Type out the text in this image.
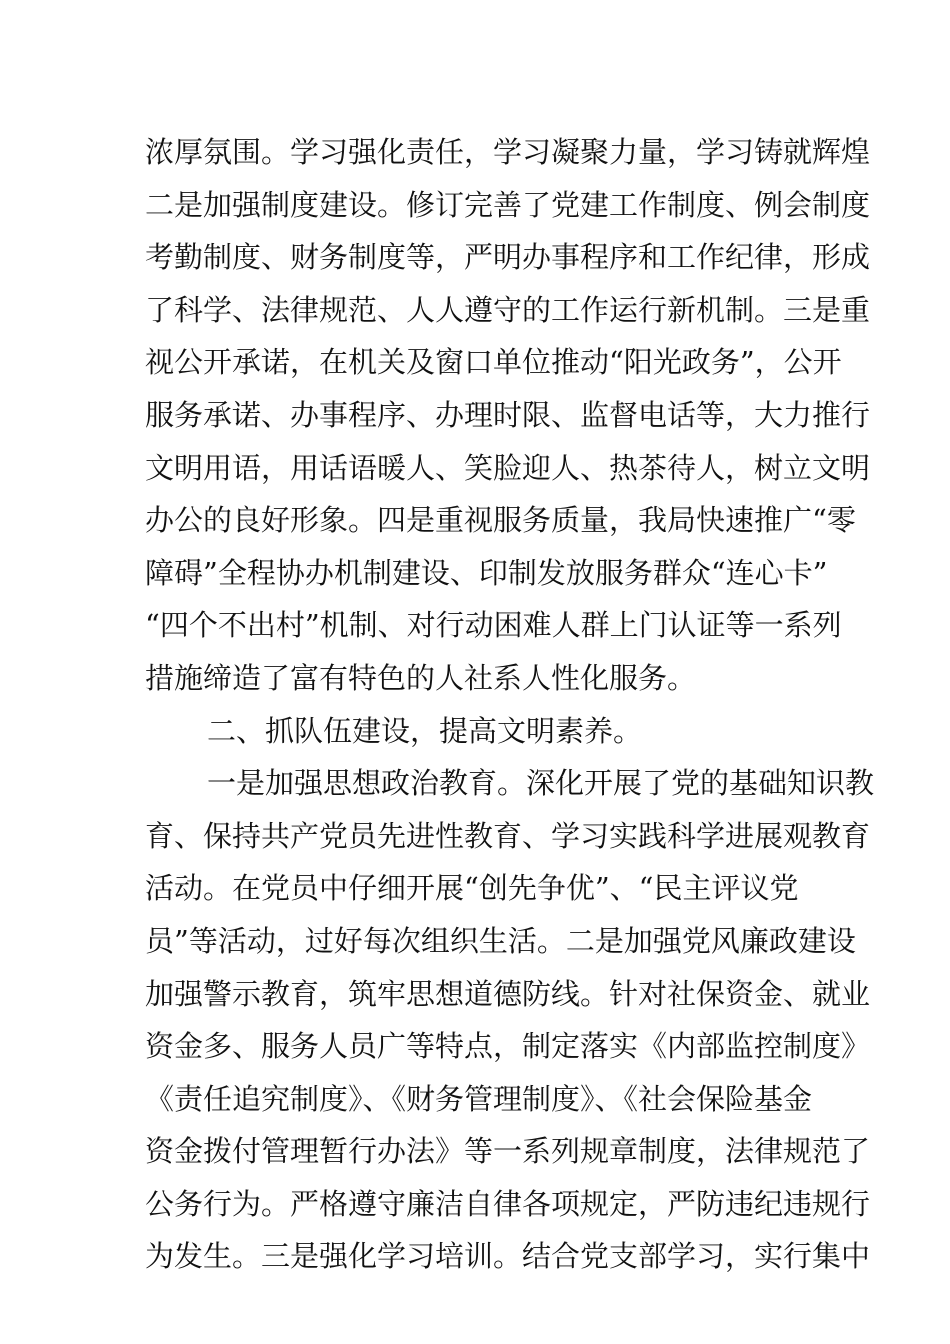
浓厚氛围。学习强化责任，学习凝聚力量，学习铸就辉煌
二是加强制度建设。修订完善了党建工作制度、例会制度
考勤制度、财务制度等，严明办事程序和工作纪律，形成
了科学、法律规范、人人遵守的工作运行新机制。三是重
视公开承诺，在机关及窗口单位推动“阳光政务”，公开
服务承诺、办事程序、办理时限、监督电话等，大力推行
文明用语，用话语暖人、笑脸迎人、热茶待人，树立文明
办公的良好形象。四是重视服务质量，我局快速推广“零
障碍”全程协办机制建设、印制发放服务群众“连心卡”
“四个不出村”机制、对行动困难人群上门认证等一系列
措施缔造了富有特色的人社系人性化服务。
二、抓队伍建设，提高文明素养。
一是加强思想政治教育。深化开展了党的基础知识教
育、保持共产党员先进性教育、学习实践科学进展观教育
活动。在党员中仔细开展“创先争优”、“民主评议党
员”等活动，过好每次组织生活。二是加强党风廉政建设
加强警示教育，筑牢思想道德防线。针对社保资金、就业
资金多、服务人员广等特点，制定落实《内部监控制度》
《责任追究制度》、《财务管理制度》、《社会保险基金
资金拨付管理暂行办法》等一系列规章制度，法律规范了
公务行为。严格遵守廉洁自律各项规定，严防违纪违规行
为发生。三是强化学习培训。结合党支部学习，实行集中
